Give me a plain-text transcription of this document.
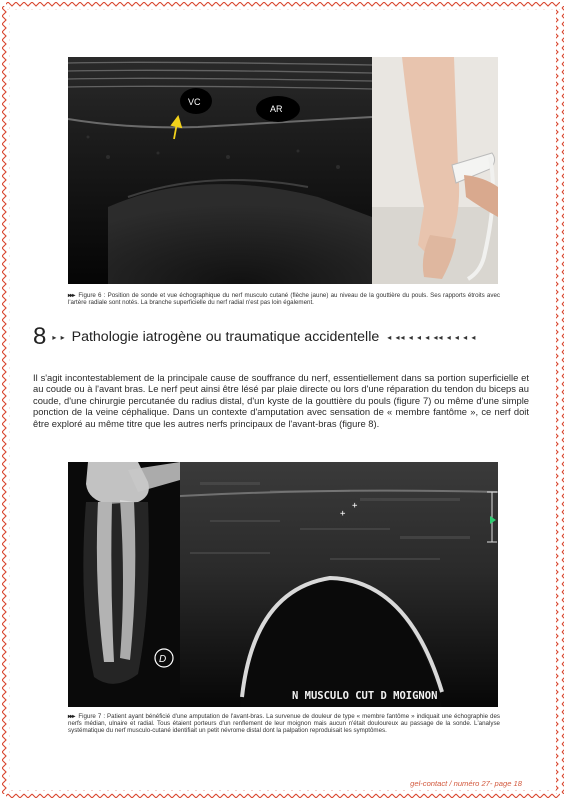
VC
AR
▸▸▸ Figure 6 : Position de sonde et vue échographique du nerf musculo cutané (flèche jaune) au niveau de la gouttière du pouls. Ses rapports étroits avec l'artère radiale sont notés. La branche superficielle du nerf radial n'est pas loin également.
8 ▸ ▸ Pathologie iatrogène ou traumatique accidentelle ◂ ◂◂ ◂ ◂ ◂ ◂◂ ◂ ◂ ◂ ◂

Il s'agit incontestablement de la principale cause de souffrance du nerf, essentiellement dans sa portion superficielle et au coude ou à l'avant bras. Le nerf peut ainsi être lésé par plaie directe ou lors d'une réparation du tendon du biceps au coude, d'une chirurgie percutanée du radius distal, d'un kyste de la gouttière du pouls (figure 7) ou même d'une simple ponction de la veine céphalique. Dans un contexte d'amputation avec sensation de « membre fantôme », ce nerf doit être exploré au même titre que les autres nerfs principaux de l'avant-bras (figure 8).

D
+
+
N MUSCULO CUT D MOIGNON
▸▸▸ Figure 7 : Patient ayant bénéficié d'une amputation de l'avant-bras. La survenue de douleur de type « membre fantôme » indiquait une échographie des nerfs médian, ulnaire et radial. Tous étaient porteurs d'un renflement de leur moignon mais aucun n'était douloureux au passage de la sonde. L'analyse systématique du nerf musculo-cutané identifiait un petit névrome distal dont la palpation reproduisait les symptômes.
gel-contact / numéro 27- page 18
